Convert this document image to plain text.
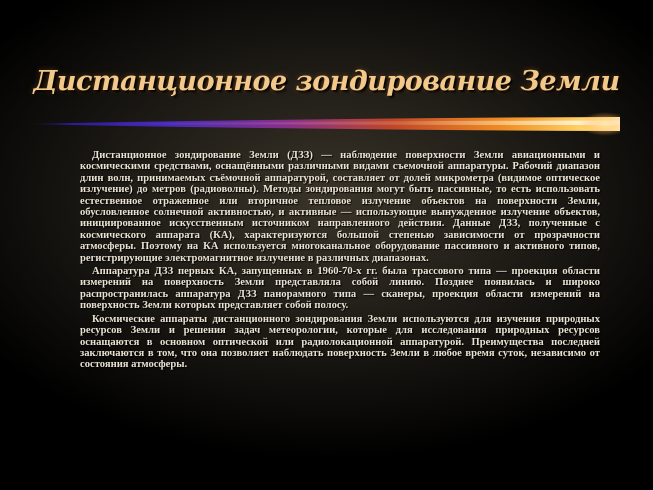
Дистанционное зондирование Земли

Дистанционное зондирование Земли (ДЗЗ) — наблюдение поверхности Земли авиационными и космическими средствами, оснащёнными различными видами съемочной аппаратуры. Рабочий диапазон длин волн, принимаемых съёмочной аппаратурой, составляет от долей микрометра (видимое оптическое излучение) до метров (радиоволны). Методы зондирования могут быть пассивные, то есть использовать естественное отраженное или вторичное тепловое излучение объектов на поверхности Земли, обусловленное солнечной активностью, и активные — использующие вынужденное излучение объектов, инициированное искусственным источником направленного действия. Данные ДЗЗ, полученные с космического аппарата (КА), характеризуются большой степенью зависимости от прозрачности атмосферы. Поэтому на КА используется многоканальное оборудование пассивного и активного типов, регистрирующие электромагнитное излучение в различных диапазонах.

Аппаратура ДЗЗ первых КА, запущенных в 1960-70-х гг. была трассового типа — проекция области измерений на поверхность Земли представляла собой линию. Позднее появилась и широко распространилась аппаратура ДЗЗ панорамного типа — сканеры, проекция области измерений на поверхность Земли которых представляет собой полосу.

Космические аппараты дистанционного зондирования Земли используются для изучения природных ресурсов Земли и решения задач метеорологии, которые для исследования природных ресурсов оснащаются в основном оптической или радиолокационной аппаратурой. Преимущества последней заключаются в том, что она позволяет наблюдать поверхность Земли в любое время суток, независимо от состояния атмосферы.
